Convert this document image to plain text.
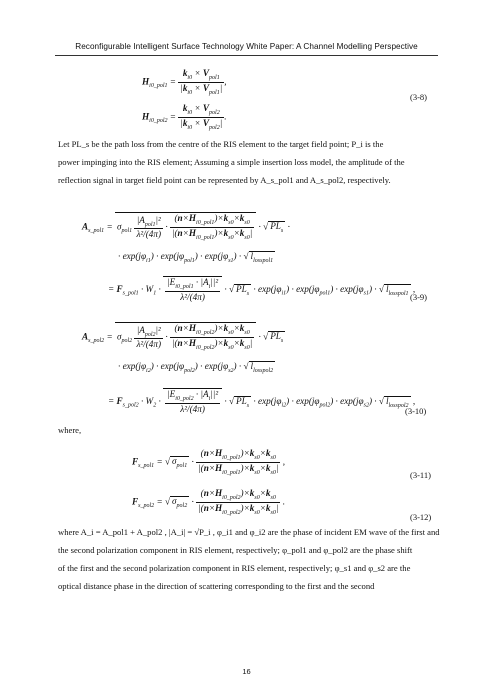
Reconfigurable Intelligent Surface Technology White Paper: A Channel Modelling Perspective
$H_{i0\_pol1} = \frac{k_{i0} \times V_{pol1}}{|k_{i0} \times V_{pol1}|}$ ,
$H_{i0\_pol2} = \frac{k_{i0} \times V_{pol2}}{|k_{i0} \times V_{pol2}|}$ .
(3-8)
Let PL_s be the path loss from the centre of the RIS element to the target field point; P_i is the
power impinging into the RIS element; Assuming a simple insertion loss model, the amplitude of the
reflection signal in target field point can be represented by A_s_pol1 and A_s_pol2, respectively.
$A_{s\_pol1} = \sigma_{pol1} \frac{|A_{pol1}|^2}{\text{λ²/(4π)}} \cdot \frac{(n\times H_{i0\_pol1})\times k_{s0}\times k_{s0}}{|(n\times H_{i0\_pol1})\times k_{s0}\times k_{s0}|}$ · √ $PL_s$ ·
· $\exp(j\varphi_{i1}) \cdot \exp(j\varphi_{pol1}) \cdot \exp(j\varphi_{s1})$ · √ $l_{losspol1}$
= $F_{s\_pol1} \cdot W_1 \cdot \frac{|E_{i0\_pol1} \cdot |A_i||^2}{\text{λ²/(4π)}}$ · √ $PL_s \cdot \exp(j\varphi_{i1}) \cdot \exp(j\varphi_{pol1}) \cdot \exp(j\varphi_{s1})$ · √ $l_{losspol1}$ ,
(3-9)
$A_{s\_pol2} = \sigma_{pol2} \frac{|A_{pol2}|^2}{\text{λ²/(4π)}} \cdot \frac{(n\times H_{i0\_pol2})\times k_{s0}\times k_{s0}}{|(n\times H_{i0\_pol2})\times k_{s0}\times k_{s0}|}$ · √ $PL_s$
· $\exp(j\varphi_{i2}) \cdot \exp(j\varphi_{pol2}) \cdot \exp(j\varphi_{s2})$ · √ $l_{losspol2}$
= $F_{s\_pol2} \cdot W_2 \cdot \frac{|E_{i0\_pol2} \cdot |A_i||^2}{\text{λ²/(4π)}}$ · √ $PL_s \cdot \exp(j\varphi_{i2}) \cdot \exp(j\varphi_{pol2}) \cdot \exp(j\varphi_{s2})$ · √ $l_{losspol2}$ ,
(3-10)
where,
$F_{s\_pol1}$ = √ $\sigma_{pol1} \cdot \frac{(n\times H_{i0\_pol1})\times k_{s0}\times k_{s0}}{|(n\times H_{i0\_pol1})\times k_{s0}\times k_{s0}|}$ ,
(3-11)
$F_{s\_pol2}$ = √ $\sigma_{pol2} \cdot \frac{(n\times H_{i0\_pol2})\times k_{s0}\times k_{s0}}{|(n\times H_{i0\_pol2})\times k_{s0}\times k_{s0}|}$ .
(3-12)
where A_i = A_pol1 + A_pol2 , |A_i| = √P_i , φ_i1 and φ_i2 are the phase of incident EM wave of the first and
the second polarization component in RIS element, respectively; φ_pol1 and φ_pol2 are the phase shift
of the first and the second polarization component in RIS element, respectively; φ_s1 and φ_s2 are the
optical distance phase in the direction of scattering corresponding to the first and the second
16
